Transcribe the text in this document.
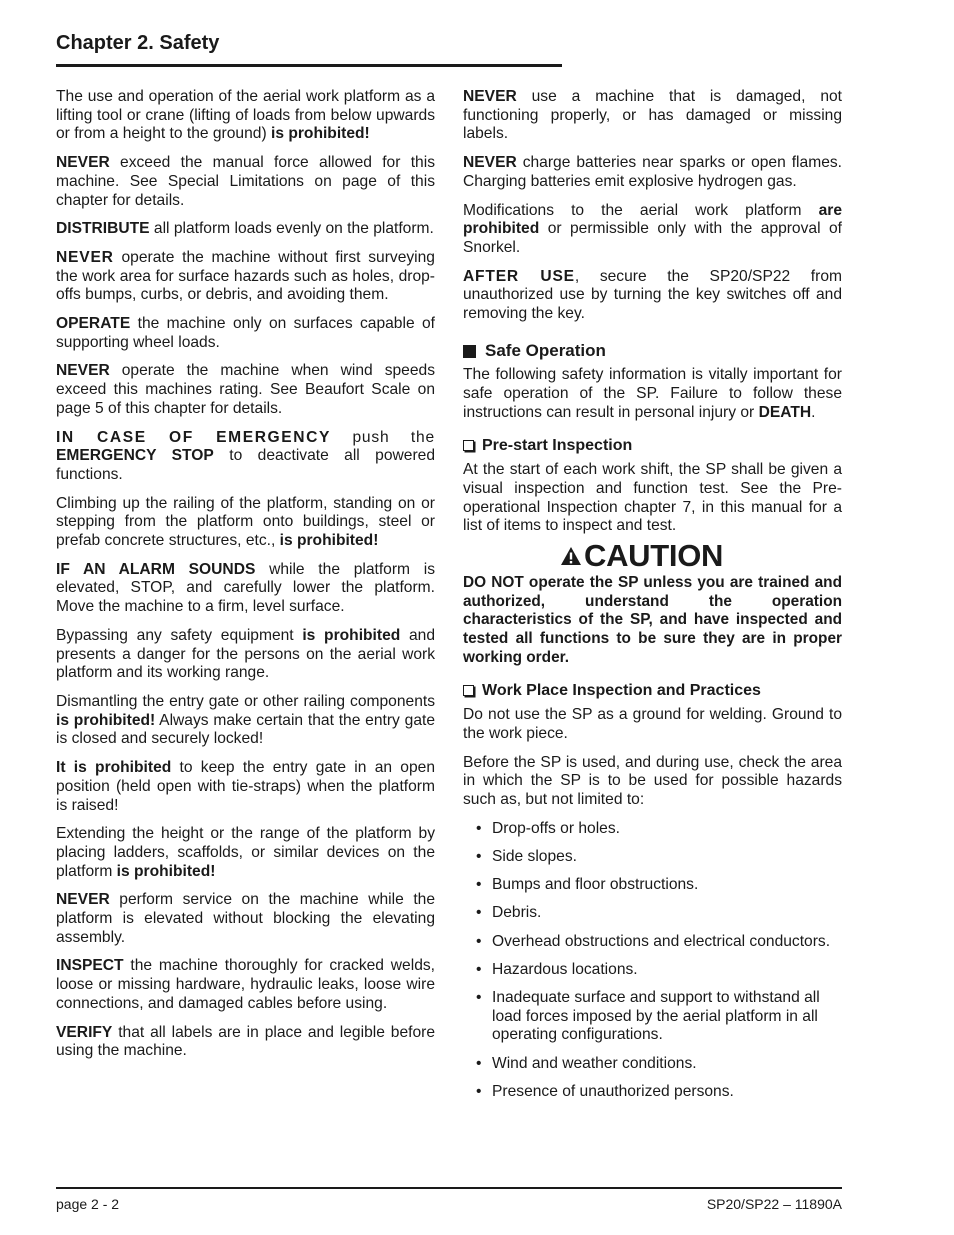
Chapter 2. Safety

The use and operation of the aerial work platform as a lifting tool or crane (lifting of loads from below upwards or from a height to the ground) is prohibited!

NEVER exceed the manual force allowed for this machine. See Special Limitations on page of this chapter for details.

DISTRIBUTE all platform loads evenly on the platform.

NEVER operate the machine without first surveying the work area for surface hazards such as holes, drop-offs bumps, curbs, or debris, and avoiding them.

OPERATE the machine only on surfaces capable of supporting wheel loads.

NEVER operate the machine when wind speeds exceed this machines rating. See Beaufort Scale on page 5 of this chapter for details.

IN CASE OF EMERGENCY push the EMERGENCY STOP to deactivate all powered functions.

Climbing up the railing of the platform, standing on or stepping from the platform onto buildings, steel or prefab concrete structures, etc., is prohibited!

IF AN ALARM SOUNDS while the platform is elevated, STOP, and carefully lower the platform. Move the machine to a firm, level surface.

Bypassing any safety equipment is prohibited and presents a danger for the persons on the aerial work platform and its working range.

Dismantling the entry gate or other railing components is prohibited! Always make certain that the entry gate is closed and securely locked!

It is prohibited to keep the entry gate in an open position (held open with tie-straps) when the platform is raised!

Extending the height or the range of the platform by placing ladders, scaffolds, or similar devices on the platform is prohibited!

NEVER perform service on the machine while the platform is elevated without blocking the elevating assembly.

INSPECT the machine thoroughly for cracked welds, loose or missing hardware, hydraulic leaks, loose wire connections, and damaged cables before using.

VERIFY that all labels are in place and legible before using the machine.

NEVER use a machine that is damaged, not functioning properly, or has damaged or missing labels.

NEVER charge batteries near sparks or open flames. Charging batteries emit explosive hydrogen gas.

Modifications to the aerial work platform are prohibited or permissible only with the approval of Snorkel.

AFTER USE, secure the SP20/SP22 from unauthorized use by turning the key switches off and removing the key.

Safe Operation

The following safety information is vitally important for safe operation of the SP. Failure to follow these instructions can result in personal injury or DEATH.

Pre-start Inspection

At the start of each work shift, the SP shall be given a visual inspection and function test. See the Pre-operational Inspection chapter 7, in this manual for a list of items to inspect and test.

CAUTION

DO NOT operate the SP unless you are trained and authorized, understand the operation characteristics of the SP, and have inspected and tested all functions to be sure they are in proper working order.

Work Place Inspection and Practices

Do not use the SP as a ground for welding. Ground to the work piece.

Before the SP is used, and during use, check the area in which the SP is to be used for possible hazards such as, but not limited to:

• Drop-offs or holes.
• Side slopes.
• Bumps and floor obstructions.
• Debris.
• Overhead obstructions and electrical conductors.
• Hazardous locations.
• Inadequate surface and support to withstand all load forces imposed by the aerial platform in all operating configurations.
• Wind and weather conditions.
• Presence of unauthorized persons.
page 2 - 2	SP20/SP22 – 11890A
